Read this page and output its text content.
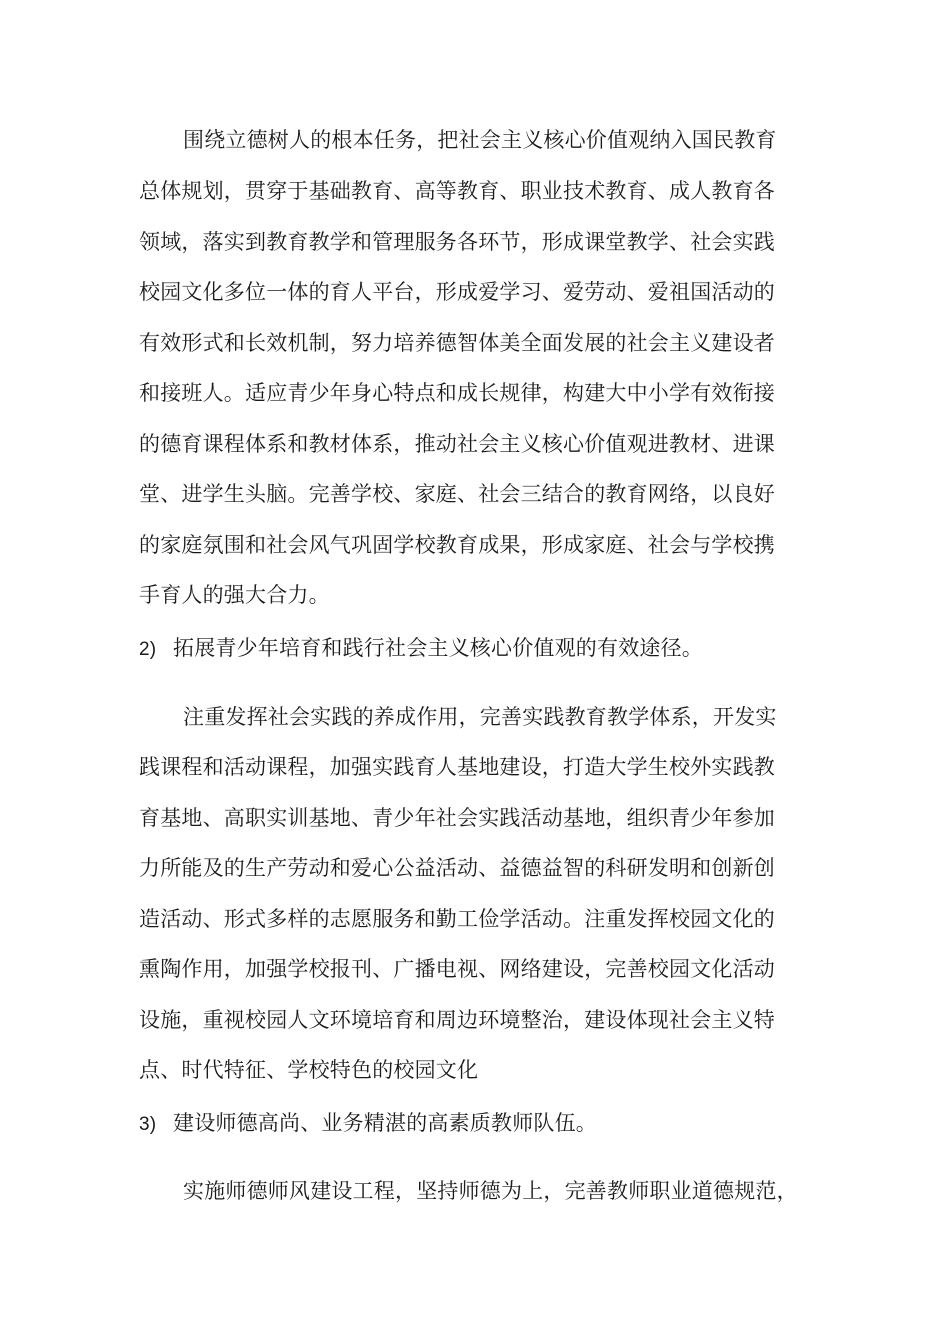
围绕立德树人的根本任务，把社会主义核心价值观纳入国民教育
总体规划，贯穿于基础教育、高等教育、职业技术教育、成人教育各
领域，落实到教育教学和管理服务各环节，形成课堂教学、社会实践
校园文化多位一体的育人平台，形成爱学习、爱劳动、爱祖国活动的
有效形式和长效机制，努力培养德智体美全面发展的社会主义建设者
和接班人。适应青少年身心特点和成长规律，构建大中小学有效衔接
的德育课程体系和教材体系，推动社会主义核心价值观进教材、进课
堂、进学生头脑。完善学校、家庭、社会三结合的教育网络，以良好
的家庭氛围和社会风气巩固学校教育成果，形成家庭、社会与学校携
手育人的强大合力。
2) 拓展青少年培育和践行社会主义核心价值观的有效途径。
注重发挥社会实践的养成作用，完善实践教育教学体系，开发实
践课程和活动课程，加强实践育人基地建设，打造大学生校外实践教
育基地、高职实训基地、青少年社会实践活动基地，组织青少年参加
力所能及的生产劳动和爱心公益活动、益德益智的科研发明和创新创
造活动、形式多样的志愿服务和勤工俭学活动。注重发挥校园文化的
熏陶作用，加强学校报刊、广播电视、网络建设，完善校园文化活动
设施，重视校园人文环境培育和周边环境整治，建设体现社会主义特
点、时代特征、学校特色的校园文化
3) 建设师德高尚、业务精湛的高素质教师队伍。
实施师德师风建设工程，坚持师德为上，完善教师职业道德规范，
